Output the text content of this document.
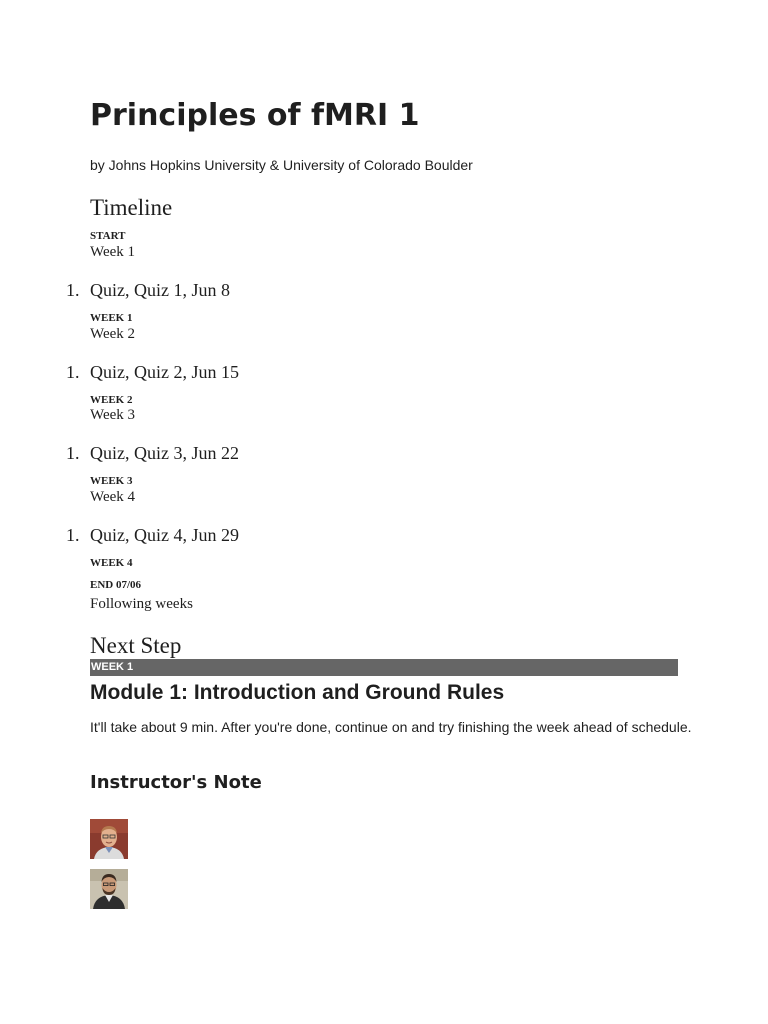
Principles of fMRI 1
by Johns Hopkins University & University of Colorado Boulder
Timeline
START
Week 1
1. Quiz, Quiz 1, Jun 8
WEEK 1
Week 2
1. Quiz, Quiz 2, Jun 15
WEEK 2
Week 3
1. Quiz, Quiz 3, Jun 22
WEEK 3
Week 4
1. Quiz, Quiz 4, Jun 29
WEEK 4
END 07/06
Following weeks
Next Step
WEEK 1
Module 1: Introduction and Ground Rules
It'll take about 9 min. After you're done, continue on and try finishing the week ahead of schedule.
Instructor's Note
